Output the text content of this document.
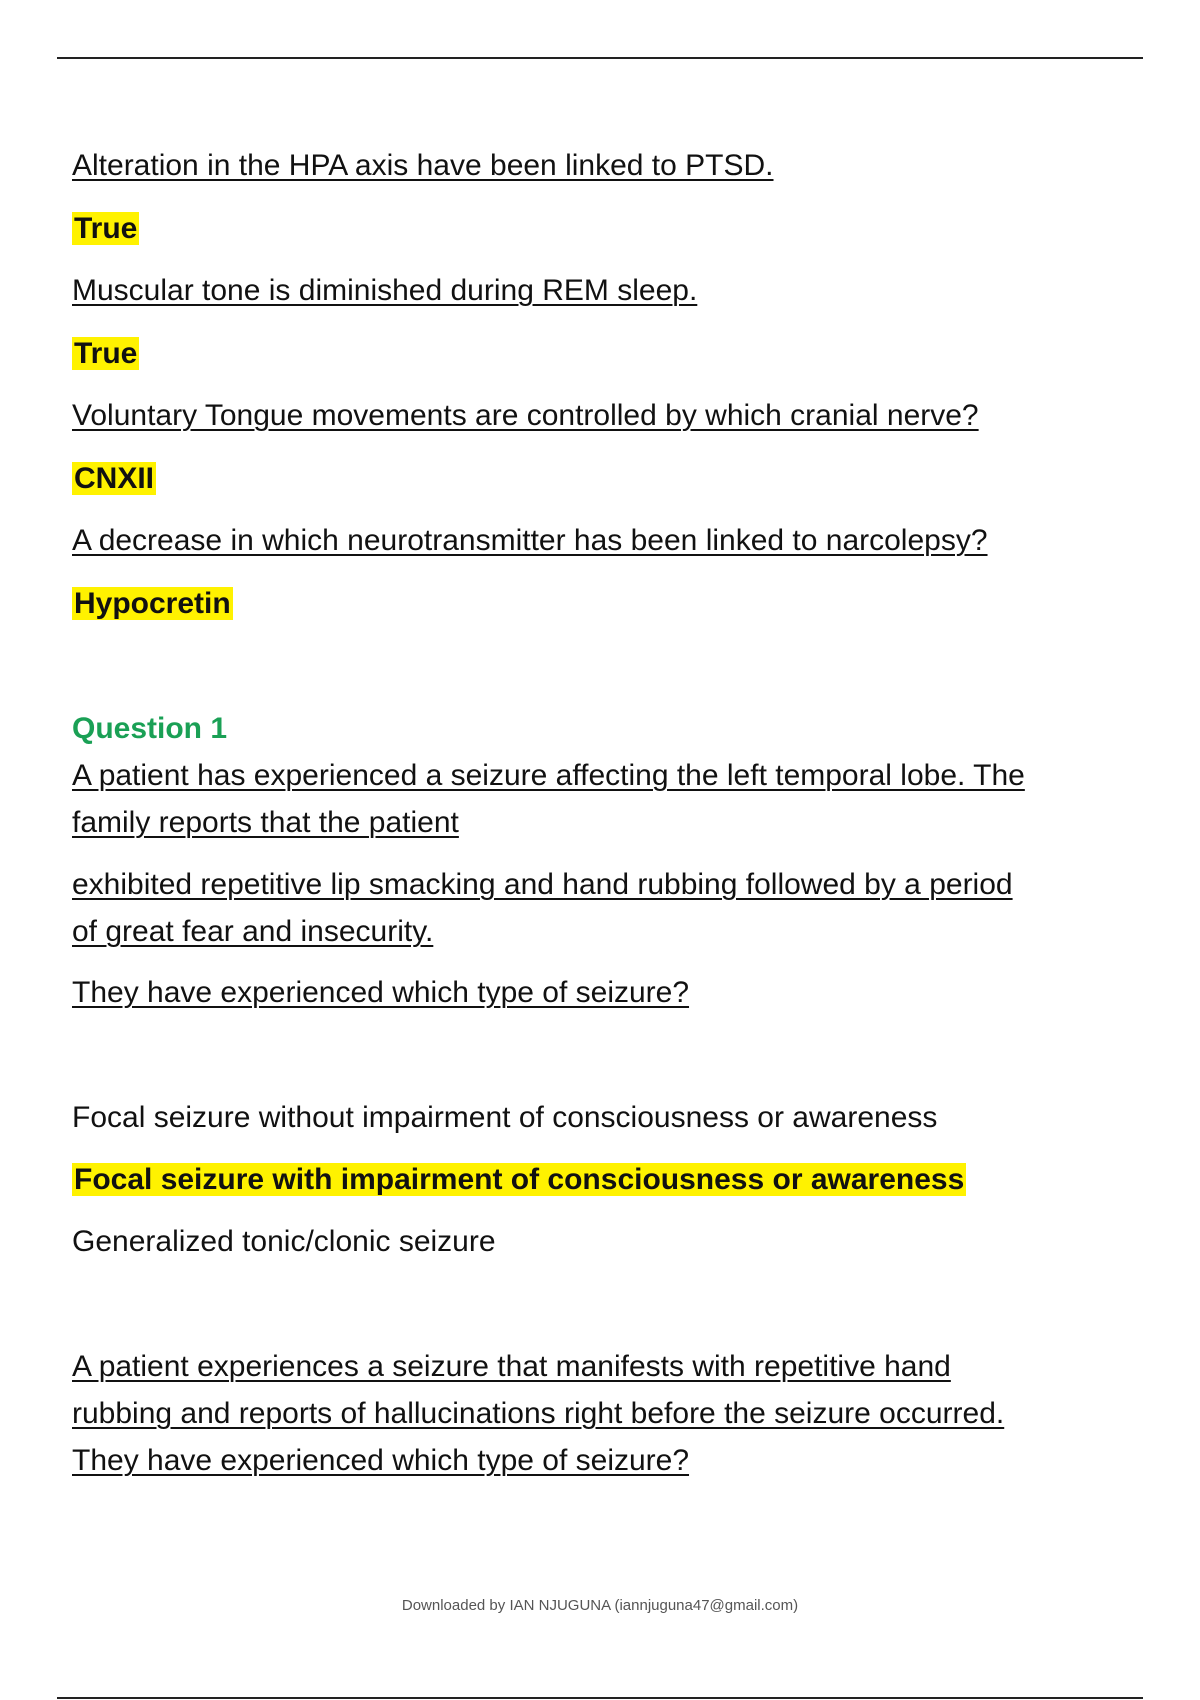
Alteration in the HPA axis have been linked to PTSD.
True
Muscular tone is diminished during REM sleep.
True
Voluntary Tongue movements are controlled by which cranial nerve?
CNXII
A decrease in which neurotransmitter has been linked to narcolepsy?
Hypocretin
Question 1
A patient has experienced a seizure affecting the left temporal lobe. The
family reports that the patient
exhibited repetitive lip smacking and hand rubbing followed by a period
of great fear and insecurity.
They have experienced which type of seizure?
Focal seizure without impairment of consciousness or awareness
Focal seizure with impairment of consciousness or awareness
Generalized tonic/clonic seizure
A patient experiences a seizure that manifests with repetitive hand
rubbing and reports of hallucinations right before the seizure occurred.
They have experienced which type of seizure?
Downloaded by IAN NJUGUNA (iannjuguna47@gmail.com)
